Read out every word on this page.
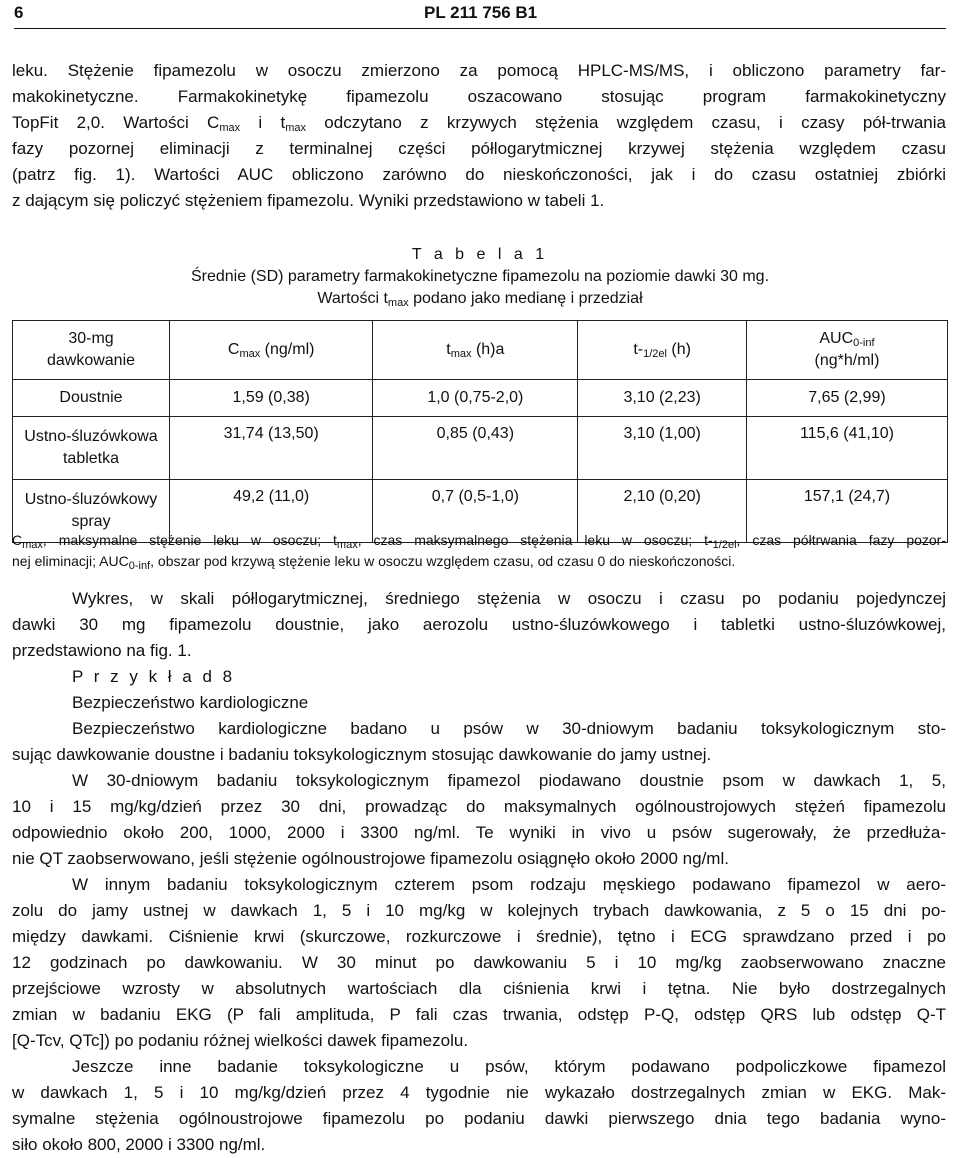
6	PL 211 756 B1
leku. Stężenie fipamezolu w osoczu zmierzono za pomocą HPLC-MS/MS, i obliczono parametry far-
makokinetyczne. Farmakokinetykę fipamezolu oszacowano stosując program farmakokinetyczny
TopFit 2,0. Wartości $C_{max}$ i $t_{max}$ odczytano z krzywych stężenia względem czasu, i czasy pół-trwania
fazy pozornej eliminacji z terminalnej części półlogarytmicznej krzywej stężenia względem czasu
(patrz fig. 1). Wartości AUC obliczono zarówno do nieskończoności, jak i do czasu ostatniej zbiórki
z dającym się policzyć stężeniem fipamezolu. Wyniki przedstawiono w tabeli 1.
T a b e l a 1
Średnie (SD) parametry farmakokinetyczne fipamezolu na poziomie dawki 30 mg.
Wartości $t_{max}$ podano jako medianę i przedział
30-mg
dawkowanie	$C_{max}$ (ng/ml)	$t_{max}$ (h)a	$t-_{1/2el}$ (h)	$AUC_{0-inf}$
(ng*h/ml)
Doustnie	1,59 (0,38)	1,0 (0,75-2,0)	3,10 (2,23)	7,65 (2,99)
Ustno-śluzówkowa
tabletka	31,74 (13,50)	0,85 (0,43)	3,10 (1,00)	115,6 (41,10)
Ustno-śluzówkowy
spray	49,2 (11,0)	0,7 (0,5-1,0)	2,10 (0,20)	157,1 (24,7)
$C_{max}$, maksymalne stężenie leku w osoczu; $t_{max}$, czas maksymalnego stężenia leku w osoczu; $t-_{1/2el}$, czas półtrwania fazy pozor-
nej eliminacji; $AUC_{0-inf}$, obszar pod krzywą stężenie leku w osoczu względem czasu, od czasu 0 do nieskończoności.
Wykres, w skali półlogarytmicznej, średniego stężenia w osoczu i czasu po podaniu pojedynczej
dawki 30 mg fipamezolu doustnie, jako aerozolu ustno-śluzówkowego i tabletki ustno-śluzówkowej,
przedstawiono na fig. 1.
P r z y k ł a d 8
Bezpieczeństwo kardiologiczne
Bezpieczeństwo kardiologiczne badano u psów w 30-dniowym badaniu toksykologicznym sto-
sując dawkowanie doustne i badaniu toksykologicznym stosując dawkowanie do jamy ustnej.
W 30-dniowym badaniu toksykologicznym fipamezol piodawano doustnie psom w dawkach 1, 5,
10 i 15 mg/kg/dzień przez 30 dni, prowadząc do maksymalnych ogólnoustrojowych stężeń fipamezolu
odpowiednio około 200, 1000, 2000 i 3300 ng/ml. Te wyniki in vivo u psów sugerowały, że przedłuża-
nie QT zaobserwowano, jeśli stężenie ogólnoustrojowe fipamezolu osiągnęło około 2000 ng/ml.
W innym badaniu toksykologicznym czterem psom rodzaju męskiego podawano fipamezol w aero-
zolu do jamy ustnej w dawkach 1, 5 i 10 mg/kg w kolejnych trybach dawkowania, z 5 o 15 dni po-
między dawkami. Ciśnienie krwi (skurczowe, rozkurczowe i średnie), tętno i ECG sprawdzano przed i po
12 godzinach po dawkowaniu. W 30 minut po dawkowaniu 5 i 10 mg/kg zaobserwowano znaczne
przejściowe wzrosty w absolutnych wartościach dla ciśnienia krwi i tętna. Nie było dostrzegalnych
zmian w badaniu EKG (P fali amplituda, P fali czas trwania, odstęp P-Q, odstęp QRS lub odstęp Q-T
[Q-Tcv, QTc]) po podaniu różnej wielkości dawek fipamezolu.
Jeszcze inne badanie toksykologiczne u psów, którym podawano podpoliczkowe fipamezol
w dawkach 1, 5 i 10 mg/kg/dzień przez 4 tygodnie nie wykazało dostrzegalnych zmian w EKG. Mak-
symalne stężenia ogólnoustrojowe fipamezolu po podaniu dawki pierwszego dnia tego badania wyno-
siło około 800, 2000 i 3300 ng/ml.
